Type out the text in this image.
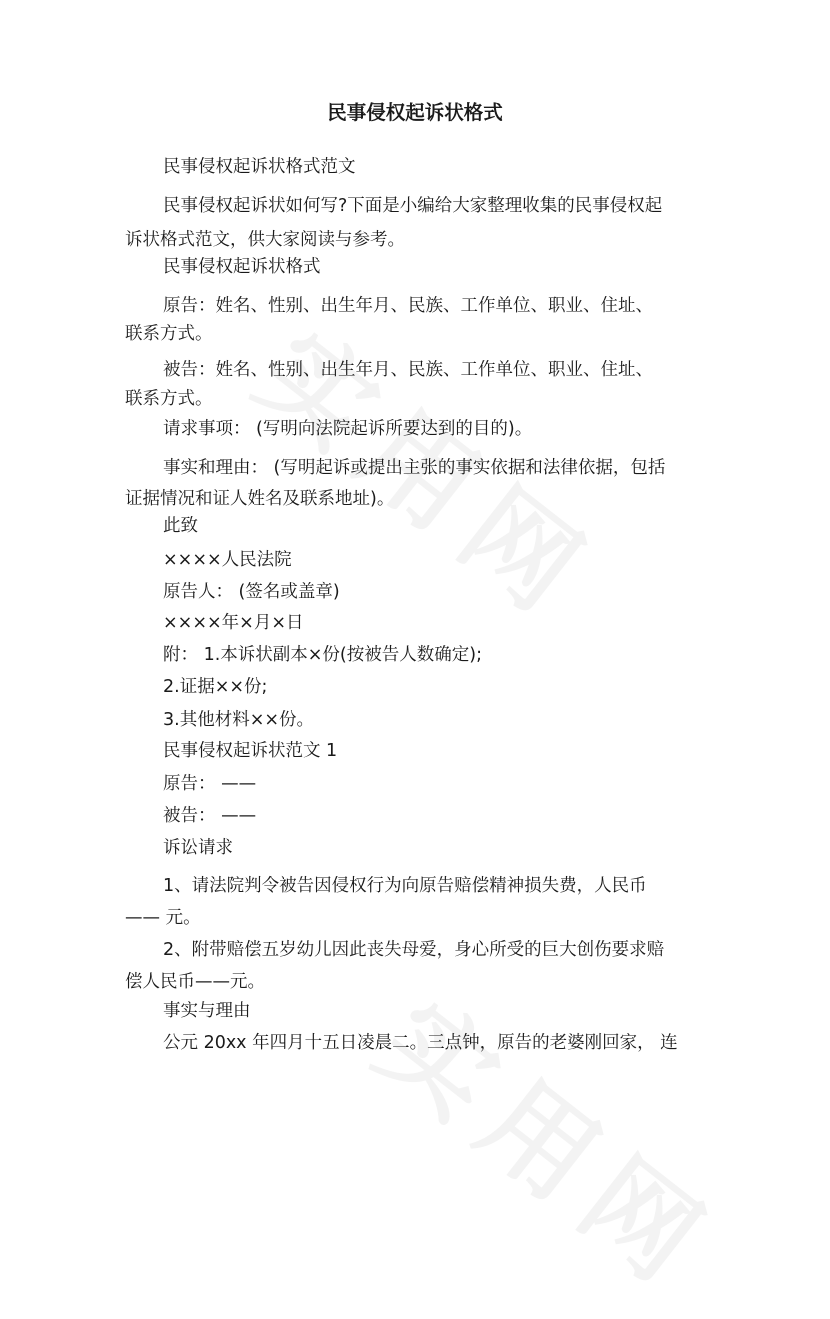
民事侵权起诉状格式
民事侵权起诉状格式范文
民事侵权起诉状如何写?下面是小编给大家整理收集的民事侵权起
诉状格式范文，供大家阅读与参考。
民事侵权起诉状格式
原告：姓名、性别、出生年月、民族、工作单位、职业、住址、
联系方式。
被告：姓名、性别、出生年月、民族、工作单位、职业、住址、
联系方式。
请求事项： (写明向法院起诉所要达到的目的)。
事实和理由： (写明起诉或提出主张的事实依据和法律依据，包括
证据情况和证人姓名及联系地址)。
此致
××××人民法院
原告人： (签名或盖章)
××××年×月×日
附： 1.本诉状副本×份(按被告人数确定);
2.证据××份;
3.其他材料××份。
民事侵权起诉状范文 1
原告： ——
被告： ——
诉讼请求
1、请法院判令被告因侵权行为向原告赔偿精神损失费，人民币
—— 元。
2、附带赔偿五岁幼儿因此丧失母爱，身心所受的巨大创伤要求赔
偿人民币——元。
事实与理由
公元 20xx 年四月十五日凌晨二。三点钟，原告的老婆刚回家， 连
